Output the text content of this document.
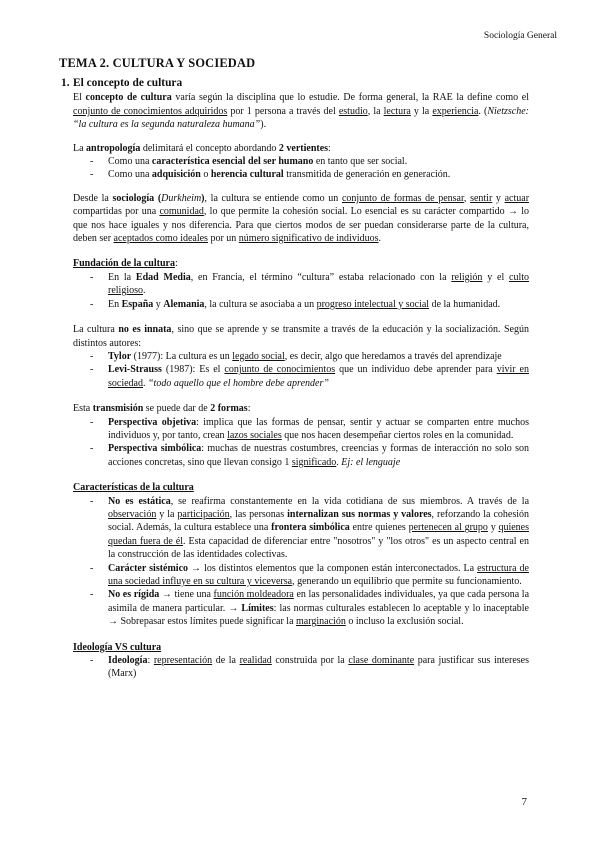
Sociología General
TEMA 2. CULTURA Y SOCIEDAD
1. El concepto de cultura

El concepto de cultura varía según la disciplina que lo estudie. De forma general, la RAE la define como el conjunto de conocimientos adquiridos por 1 persona a través del estudio, la lectura y la experiencia. (Nietzsche: “la cultura es la segunda naturaleza humana”).

La antropología delimitará el concepto abordando 2 vertientes:

- Como una característica esencial del ser humano en tanto que ser social.
- Como una adquisición o herencia cultural transmitida de generación en generación.

Desde la sociología (Durkheim), la cultura se entiende como un conjunto de formas de pensar, sentir y actuar compartidas por una comunidad, lo que permite la cohesión social. Lo esencial es su carácter compartido → lo que nos hace iguales y nos diferencia. Para que ciertos modos de ser puedan considerarse parte de la cultura, deben ser aceptados como ideales por un número significativo de individuos.

Fundación de la cultura:

- En la Edad Media, en Francia, el término “cultura” estaba relacionado con la religión y el culto religioso.
- En España y Alemania, la cultura se asociaba a un progreso intelectual y social de la humanidad.

La cultura no es innata, sino que se aprende y se transmite a través de la educación y la socialización. Según distintos autores:

- Tylor (1977): La cultura es un legado social, es decir, algo que heredamos a través del aprendizaje
- Levi-Strauss (1987): Es el conjunto de conocimientos que un individuo debe aprender para vivir en sociedad. “todo aquello que el hombre debe aprender”

Esta transmisión se puede dar de 2 formas:

- Perspectiva objetiva: implica que las formas de pensar, sentir y actuar se comparten entre muchos individuos y, por tanto, crean lazos sociales que nos hacen desempeñar ciertos roles en la comunidad.
- Perspectiva simbólica: muchas de nuestras costumbres, creencias y formas de interacción no solo son acciones concretas, sino que llevan consigo 1 significado. Ej: el lenguaje

Características de la cultura

- No es estática, se reafirma constantemente en la vida cotidiana de sus miembros. A través de la observación y la participación, las personas internalizan sus normas y valores, reforzando la cohesión social. Además, la cultura establece una frontera simbólica entre quienes pertenecen al grupo y quienes quedan fuera de él. Esta capacidad de diferenciar entre "nosotros" y "los otros" es un aspecto central en la construcción de las identidades colectivas.
- Carácter sistémico → los distintos elementos que la componen están interconectados. La estructura de una sociedad influye en su cultura y viceversa, generando un equilibrio que permite su funcionamiento.
- No es rígida → tiene una función moldeadora en las personalidades individuales, ya que cada persona la asimila de manera particular. → Límites: las normas culturales establecen lo aceptable y lo inaceptable → Sobrepasar estos límites puede significar la marginación o incluso la exclusión social.

Ideología VS cultura

- Ideología: representación de la realidad construida por la clase dominante para justificar sus intereses (Marx)
7
